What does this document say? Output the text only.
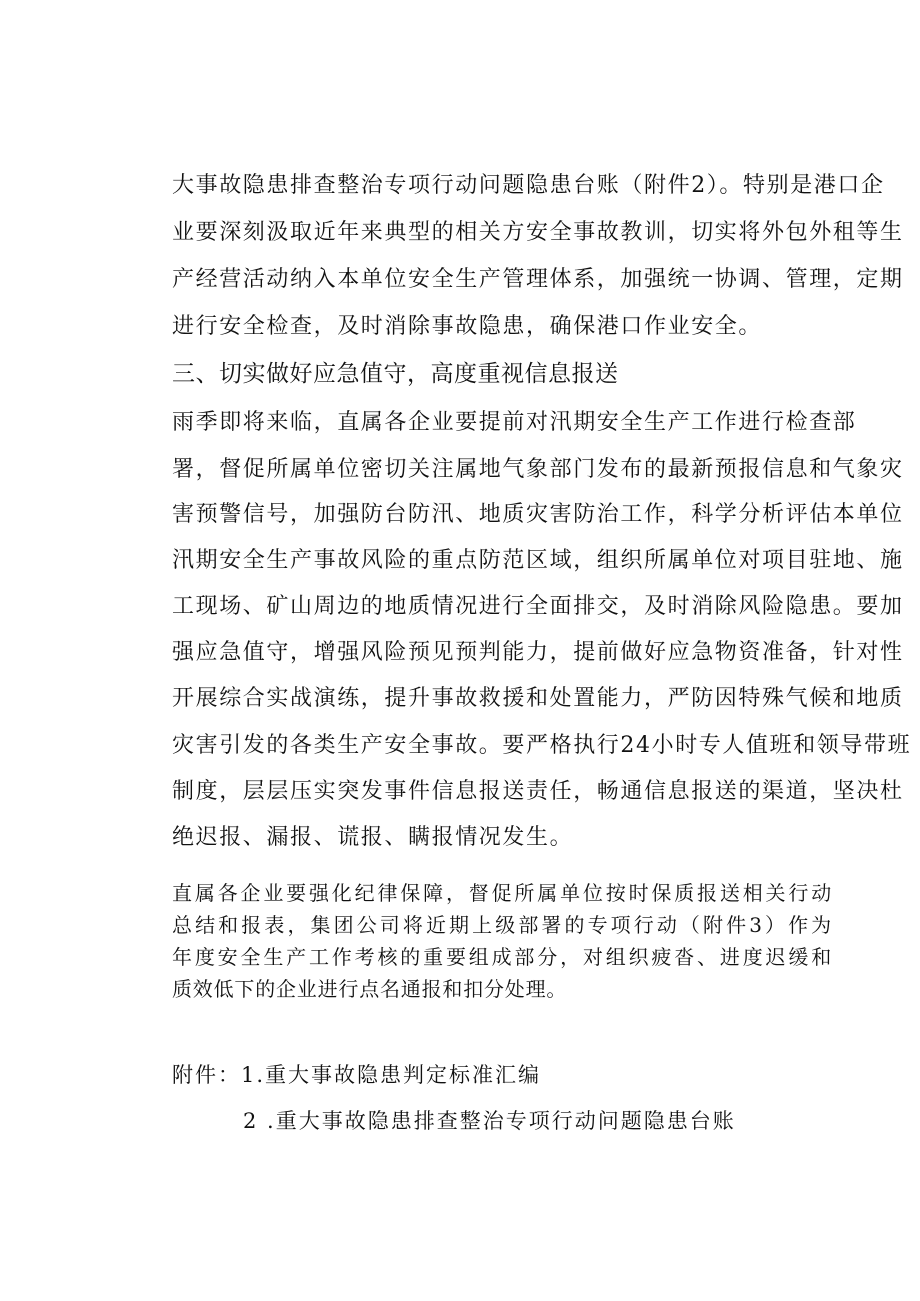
大事故隐患排查整治专项行动问题隐患台账（附件2）。特别是港口企
业要深刻汲取近年来典型的相关方安全事故教训，切实将外包外租等生
产经营活动纳入本单位安全生产管理体系，加强统一协调、管理，定期
进行安全检查，及时消除事故隐患，确保港口作业安全。
三、切实做好应急值守，高度重视信息报送
雨季即将来临，直属各企业要提前对汛期安全生产工作进行检查部
署，督促所属单位密切关注属地气象部门发布的最新预报信息和气象灾
害预警信号，加强防台防汛、地质灾害防治工作，科学分析评估本单位
汛期安全生产事故风险的重点防范区域，组织所属单位对项目驻地、施
工现场、矿山周边的地质情况进行全面排交，及时消除风险隐患。要加
强应急值守，增强风险预见预判能力，提前做好应急物资准备，针对性
开展综合实战演练，提升事故救援和处置能力，严防因特殊气候和地质
灾害引发的各类生产安全事故。要严格执行24小时专人值班和领导带班
制度，层层压实突发事件信息报送责任，畅通信息报送的渠道，坚决杜
绝迟报、漏报、谎报、瞒报情况发生。
直属各企业要强化纪律保障，督促所属单位按时保质报送相关行动
总结和报表，集团公司将近期上级部署的专项行动（附件3）作为
年度安全生产工作考核的重要组成部分，对组织疲沓、进度迟缓和
质效低下的企业进行点名通报和扣分处理。
附件：1.重大事故隐患判定标准汇编
2 .重大事故隐患排查整治专项行动问题隐患台账
